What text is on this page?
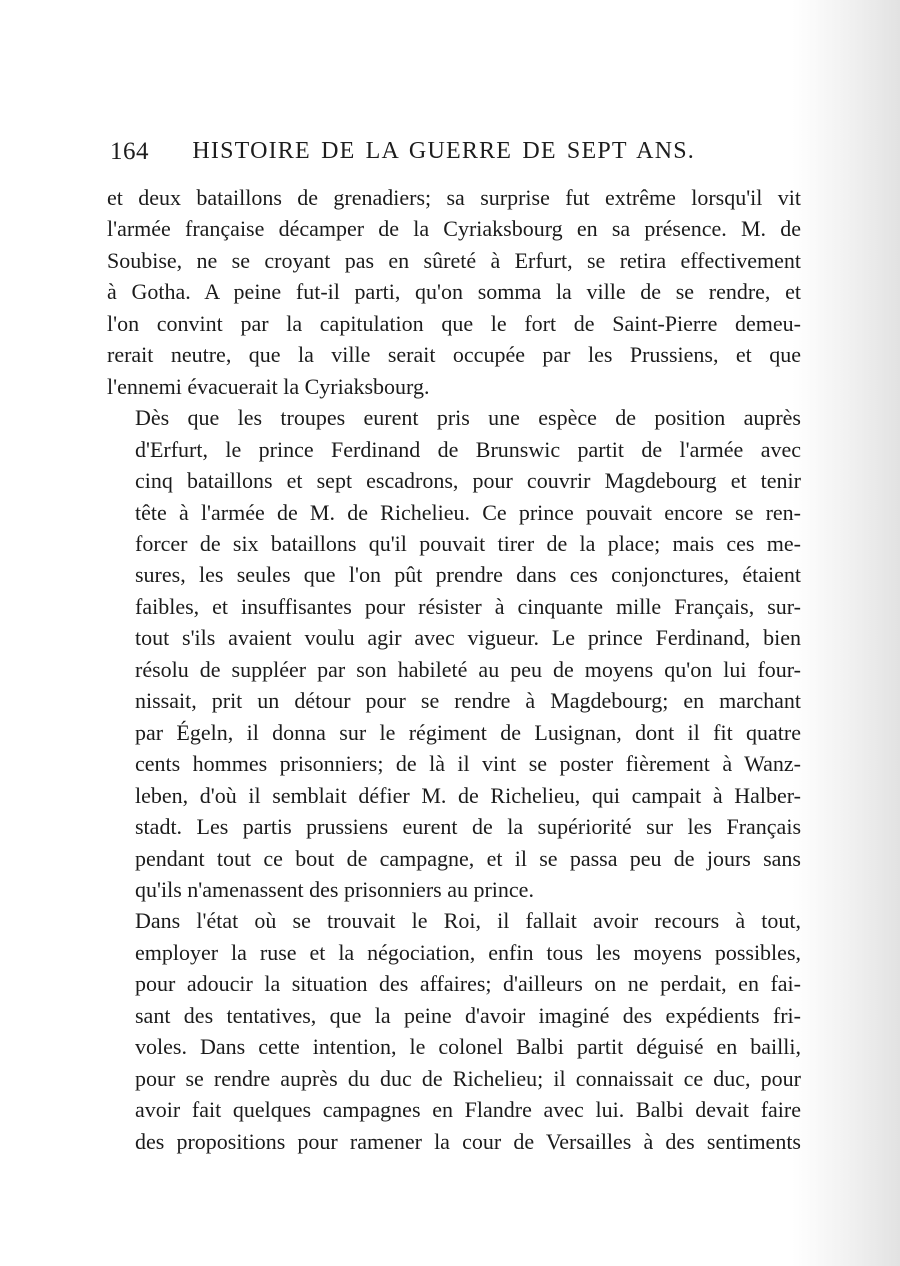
164 HISTOIRE DE LA GUERRE DE SEPT ANS.

et deux bataillons de grenadiers; sa surprise fut extrême lorsqu'il vit
l'armée française décamper de la Cyriaksbourg en sa présence. M. de
Soubise, ne se croyant pas en sûreté à Erfurt, se retira effectivement
à Gotha. A peine fut-il parti, qu'on somma la ville de se rendre, et
l'on convint par la capitulation que le fort de Saint-Pierre demeu-
rerait neutre, que la ville serait occupée par les Prussiens, et que
l'ennemi évacuerait la Cyriaksbourg.

Dès que les troupes eurent pris une espèce de position auprès
d'Erfurt, le prince Ferdinand de Brunswic partit de l'armée avec
cinq bataillons et sept escadrons, pour couvrir Magdebourg et tenir
tête à l'armée de M. de Richelieu. Ce prince pouvait encore se ren-
forcer de six bataillons qu'il pouvait tirer de la place; mais ces me-
sures, les seules que l'on pût prendre dans ces conjonctures, étaient
faibles, et insuffisantes pour résister à cinquante mille Français, sur-
tout s'ils avaient voulu agir avec vigueur. Le prince Ferdinand, bien
résolu de suppléer par son habileté au peu de moyens qu'on lui four-
nissait, prit un détour pour se rendre à Magdebourg; en marchant
par Égeln, il donna sur le régiment de Lusignan, dont il fit quatre
cents hommes prisonniers; de là il vint se poster fièrement à Wanz-
leben, d'où il semblait défier M. de Richelieu, qui campait à Halber-
stadt. Les partis prussiens eurent de la supériorité sur les Français
pendant tout ce bout de campagne, et il se passa peu de jours sans
qu'ils n'amenassent des prisonniers au prince.

Dans l'état où se trouvait le Roi, il fallait avoir recours à tout,
employer la ruse et la négociation, enfin tous les moyens possibles,
pour adoucir la situation des affaires; d'ailleurs on ne perdait, en fai-
sant des tentatives, que la peine d'avoir imaginé des expédients fri-
voles. Dans cette intention, le colonel Balbi partit déguisé en bailli,
pour se rendre auprès du duc de Richelieu; il connaissait ce duc, pour
avoir fait quelques campagnes en Flandre avec lui. Balbi devait faire
des propositions pour ramener la cour de Versailles à des sentiments
